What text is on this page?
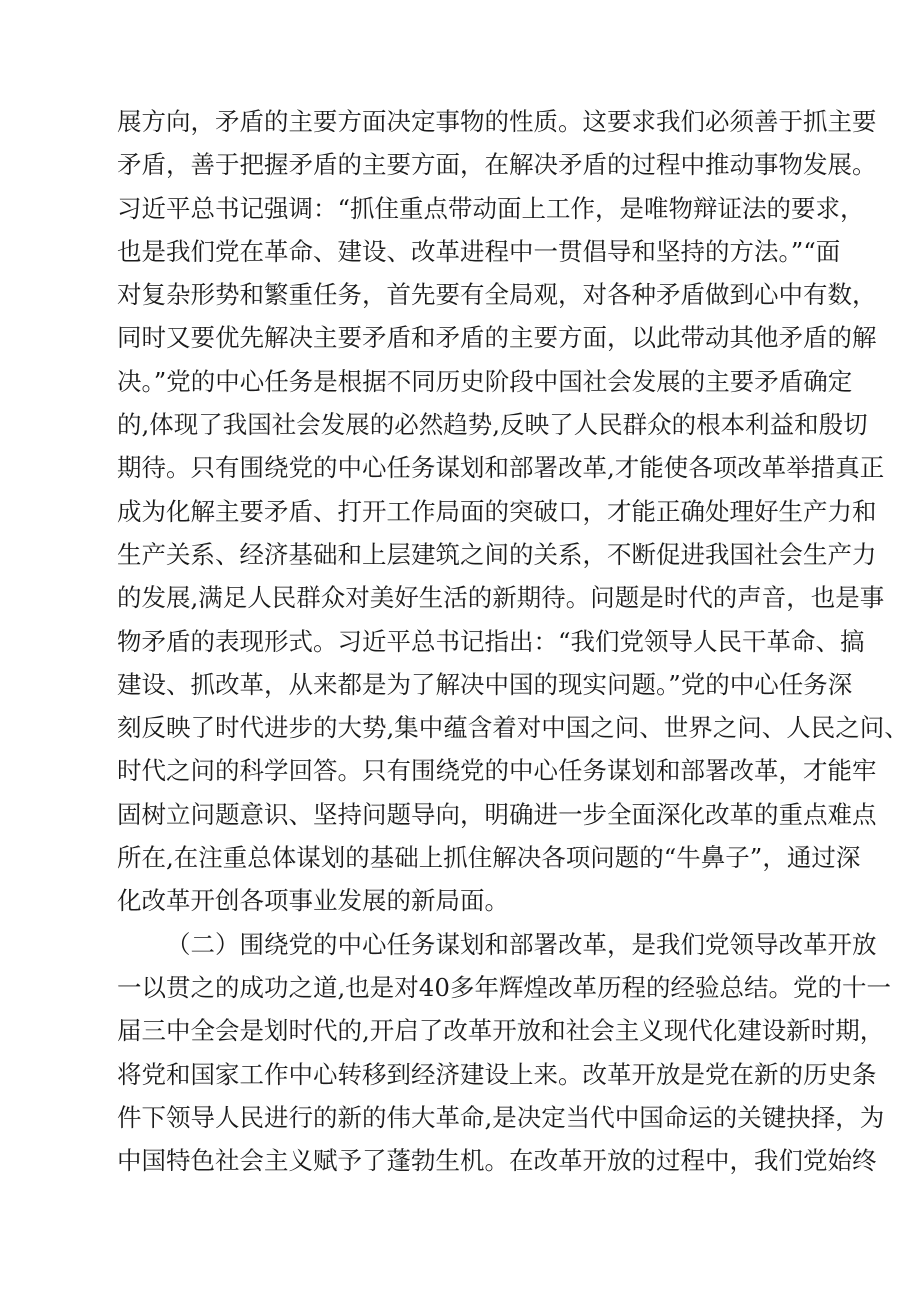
展方向，矛盾的主要方面决定事物的性质。这要求我们必须善于抓主要
矛盾，善于把握矛盾的主要方面，在解决矛盾的过程中推动事物发展。
习近平总书记强调：“抓住重点带动面上工作，是唯物辩证法的要求，
也是我们党在革命、建设、改革进程中一贯倡导和坚持的方法。”“面
对复杂形势和繁重任务，首先要有全局观，对各种矛盾做到心中有数，
同时又要优先解决主要矛盾和矛盾的主要方面，以此带动其他矛盾的解
决。”党的中心任务是根据不同历史阶段中国社会发展的主要矛盾确定
的,体现了我国社会发展的必然趋势,反映了人民群众的根本利益和殷切
期待。只有围绕党的中心任务谋划和部署改革,才能使各项改革举措真正
成为化解主要矛盾、打开工作局面的突破口，才能正确处理好生产力和
生产关系、经济基础和上层建筑之间的关系，不断促进我国社会生产力
的发展,满足人民群众对美好生活的新期待。问题是时代的声音，也是事
物矛盾的表现形式。习近平总书记指出：“我们党领导人民干革命、搞
建设、抓改革，从来都是为了解决中国的现实问题。”党的中心任务深
刻反映了时代进步的大势,集中蕴含着对中国之问、世界之问、人民之问、
时代之问的科学回答。只有围绕党的中心任务谋划和部署改革，才能牢
固树立问题意识、坚持问题导向，明确进一步全面深化改革的重点难点
所在,在注重总体谋划的基础上抓住解决各项问题的“牛鼻子”，通过深
化改革开创各项事业发展的新局面。
（二）围绕党的中心任务谋划和部署改革，是我们党领导改革开放
一以贯之的成功之道,也是对40多年辉煌改革历程的经验总结。党的十一
届三中全会是划时代的,开启了改革开放和社会主义现代化建设新时期，
将党和国家工作中心转移到经济建设上来。改革开放是党在新的历史条
件下领导人民进行的新的伟大革命,是决定当代中国命运的关键抉择，为
中国特色社会主义赋予了蓬勃生机。在改革开放的过程中，我们党始终
